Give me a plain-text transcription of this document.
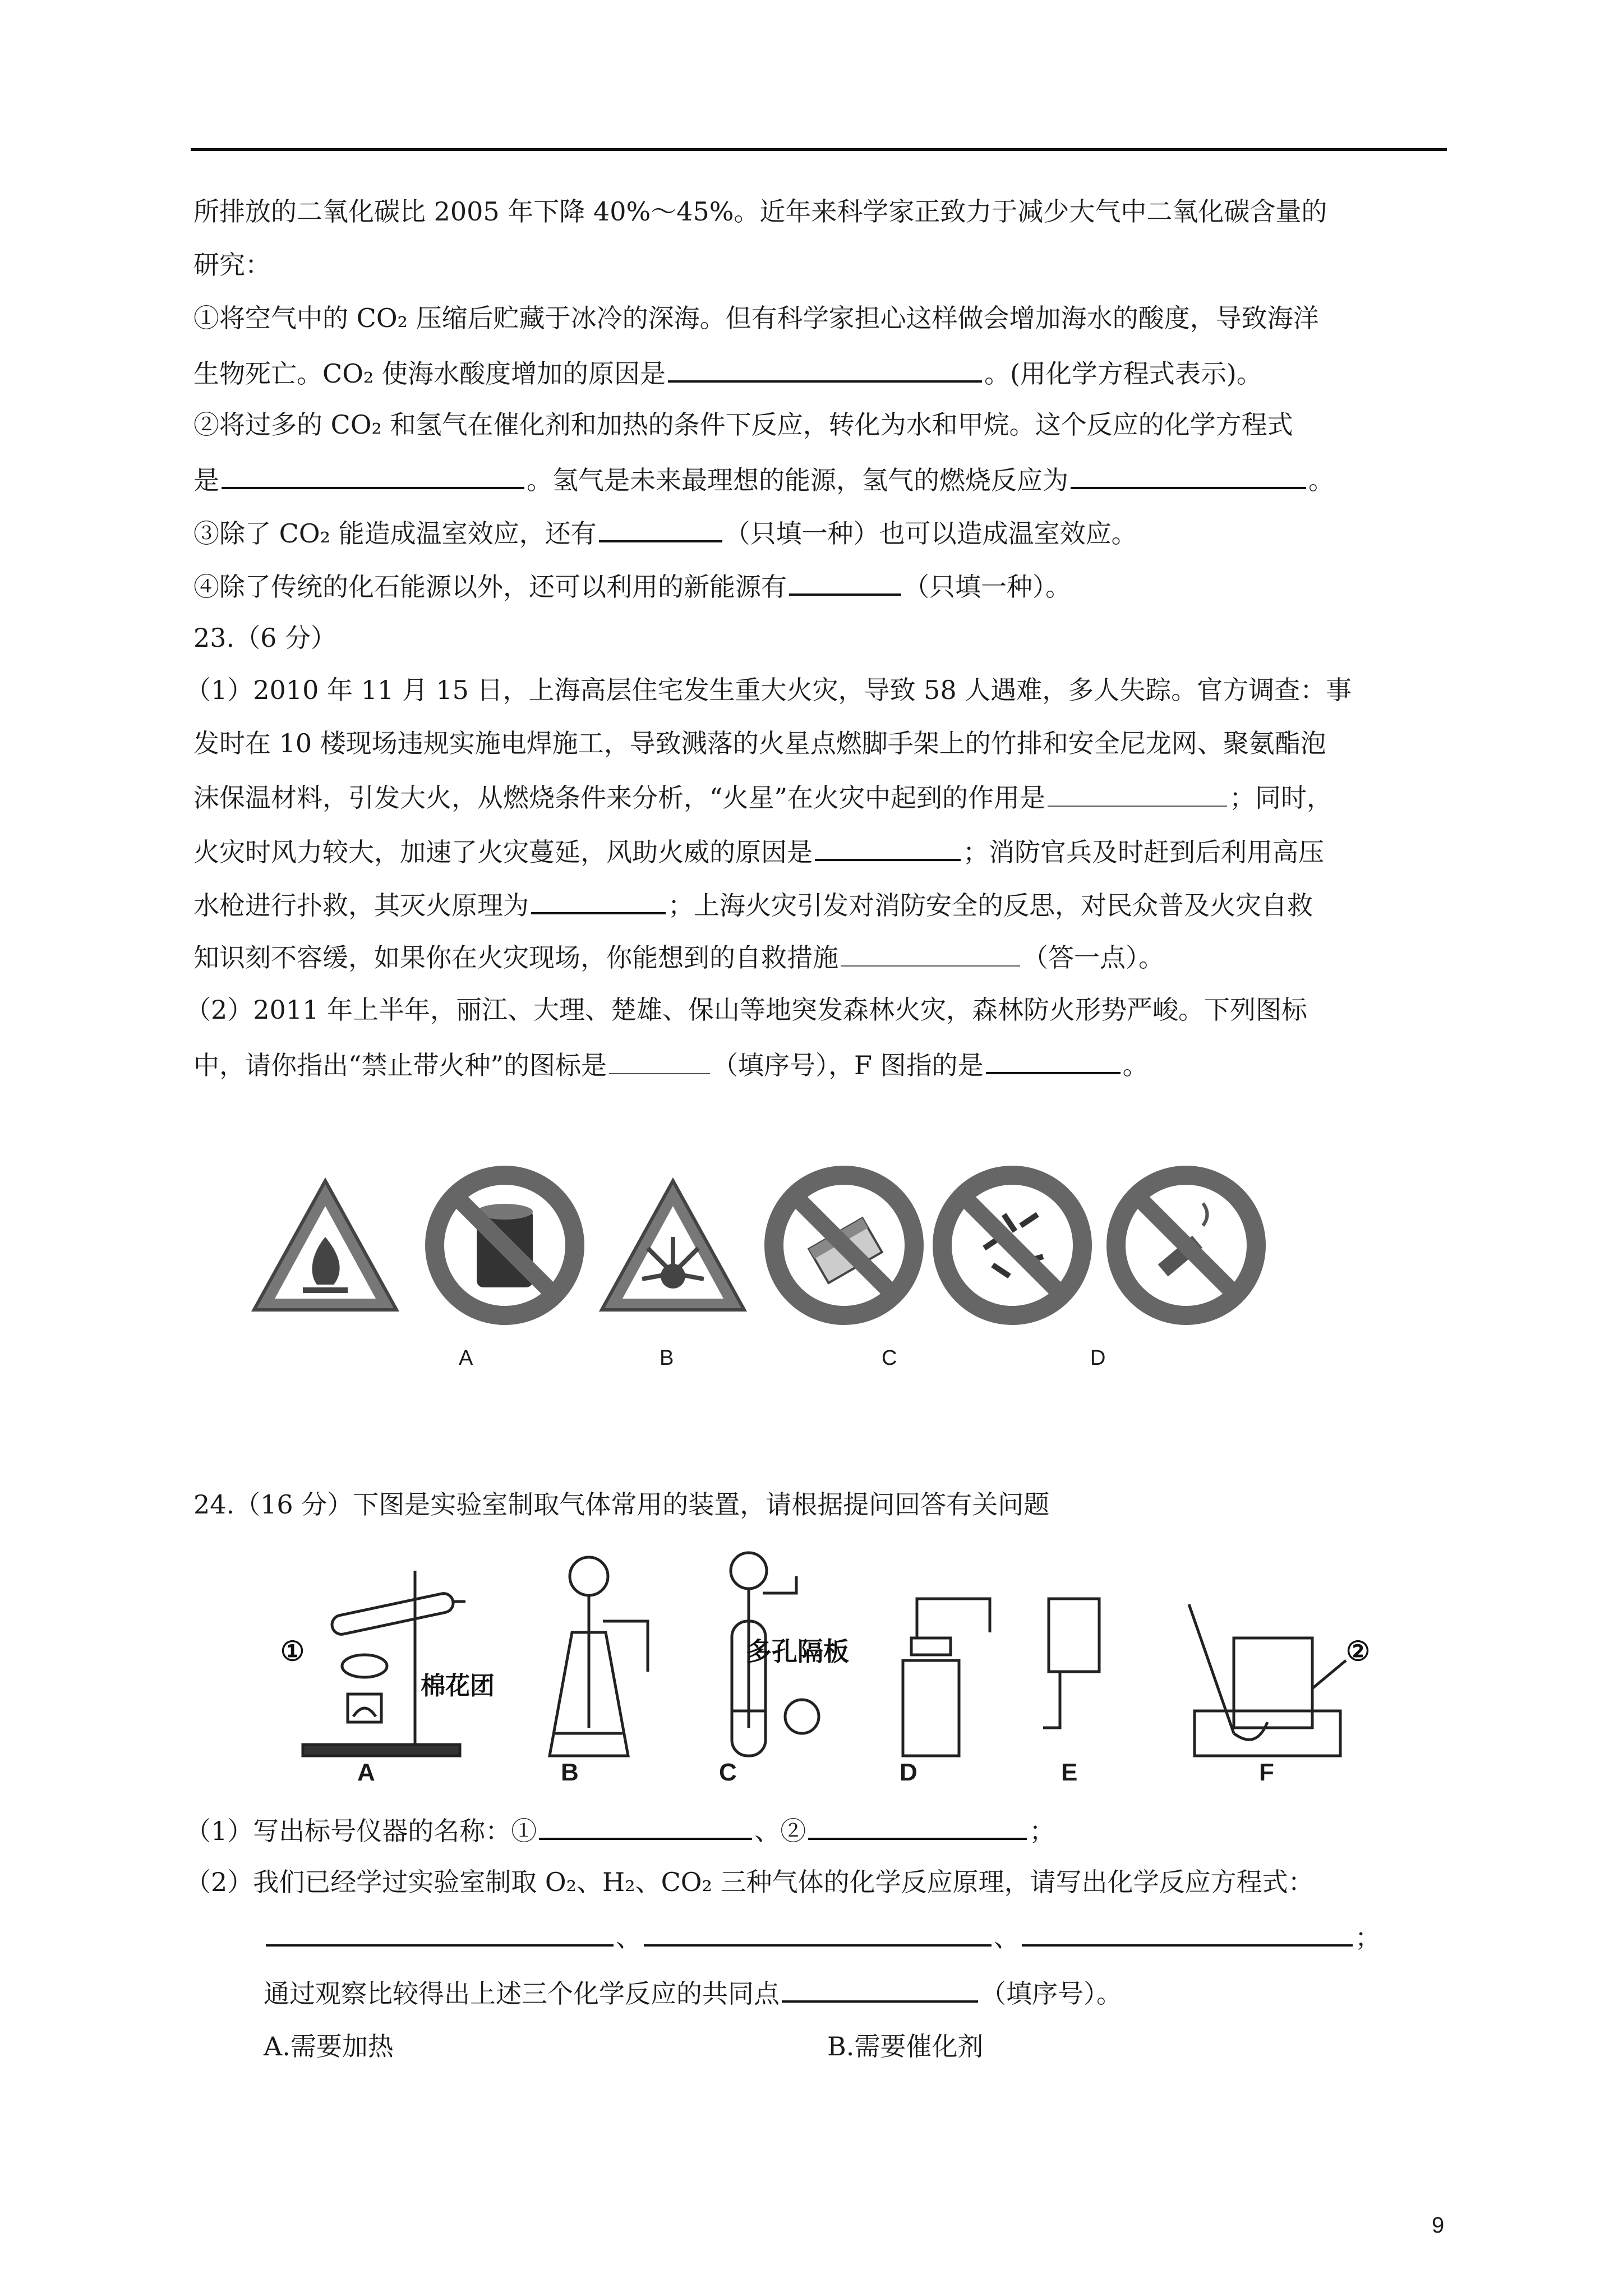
所排放的二氧化碳比 2005 年下降 40%～45%。近年来科学家正致力于减少大气中二氧化碳含量的
研究：
①将空气中的 CO₂ 压缩后贮藏于冰冷的深海。但有科学家担心这样做会增加海水的酸度，导致海洋
生物死亡。CO₂ 使海水酸度增加的原因是	。(用化学方程式表示)。
②将过多的 CO₂ 和氢气在催化剂和加热的条件下反应，转化为水和甲烷。这个反应的化学方程式
是	。氢气是未来最理想的能源，氢气的燃烧反应为	。
③除了 CO₂ 能造成温室效应，还有	（只填一种）也可以造成温室效应。
④除了传统的化石能源以外，还可以利用的新能源有	（只填一种）。
23.（6 分）
（1）2010 年 11 月 15 日，上海高层住宅发生重大火灾，导致 58 人遇难，多人失踪。官方调查：事
发时在 10 楼现场违规实施电焊施工，导致溅落的火星点燃脚手架上的竹排和安全尼龙网、聚氨酯泡
沫保温材料，引发大火，从燃烧条件来分析，“火星”在火灾中起到的作用是	；同时，
火灾时风力较大，加速了火灾蔓延，风助火威的原因是	；消防官兵及时赶到后利用高压
水枪进行扑救，其灭火原理为	；上海火灾引发对消防安全的反思，对民众普及火灾自救
知识刻不容缓，如果你在火灾现场，你能想到的自救措施	（答一点）。
（2）2011 年上半年，丽江、大理、楚雄、保山等地突发森林火灾，森林防火形势严峻。下列图标
中，请你指出“禁止带火种”的图标是	（填序号），F 图指的是	。
A	B	C	D
24.（16 分）下图是实验室制取气体常用的装置，请根据提问回答有关问题
①
棉花团
多孔隔板	②
A	B	C	D	E	F
（1）写出标号仪器的名称：①	、②	；
（2）我们已经学过实验室制取 O₂、H₂、CO₂ 三种气体的化学反应原理，请写出化学反应方程式：
、	、	；
通过观察比较得出上述三个化学反应的共同点	（填序号）。
A.需要加热	B.需要催化剂
9
